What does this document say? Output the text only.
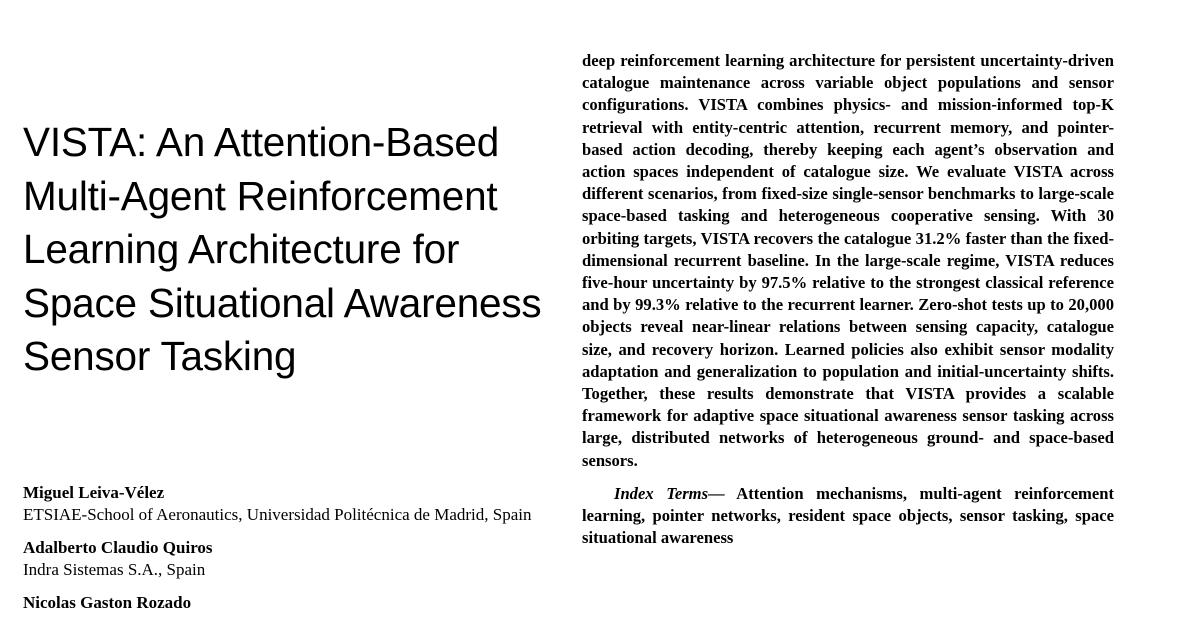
VISTA: An Attention-Based Multi-Agent Reinforcement Learning Architecture for Space Situational Awareness Sensor Tasking
Miguel Leiva-Vélez
ETSIAE-School of Aeronautics, Universidad Politécnica de Madrid, Spain
Adalberto Claudio Quiros
Indra Sistemas S.A., Spain
Nicolas Gaston Rozado

deep reinforcement learning architecture for persistent uncertainty-driven catalogue maintenance across variable object populations and sensor configurations. VISTA combines physics- and mission-informed top-K retrieval with entity-centric attention, recurrent memory, and pointer-based action decoding, thereby keeping each agent’s observation and action spaces independent of catalogue size. We evaluate VISTA across different scenarios, from fixed-size single-sensor benchmarks to large-scale space-based tasking and heterogeneous cooperative sensing. With 30 orbiting targets, VISTA recovers the catalogue 31.2% faster than the fixed-dimensional recurrent baseline. In the large-scale regime, VISTA reduces five-hour uncertainty by 97.5% relative to the strongest classical reference and by 99.3% relative to the recurrent learner. Zero-shot tests up to 20,000 objects reveal near-linear relations between sensing capacity, catalogue size, and recovery horizon. Learned policies also exhibit sensor modality adaptation and generalization to population and initial-uncertainty shifts. Together, these results demonstrate that VISTA provides a scalable framework for adaptive space situational awareness sensor tasking across large, distributed networks of heterogeneous ground- and space-based sensors.

Index Terms— Attention mechanisms, multi-agent reinforcement learning, pointer networks, resident space objects, sensor tasking, space situational awareness
